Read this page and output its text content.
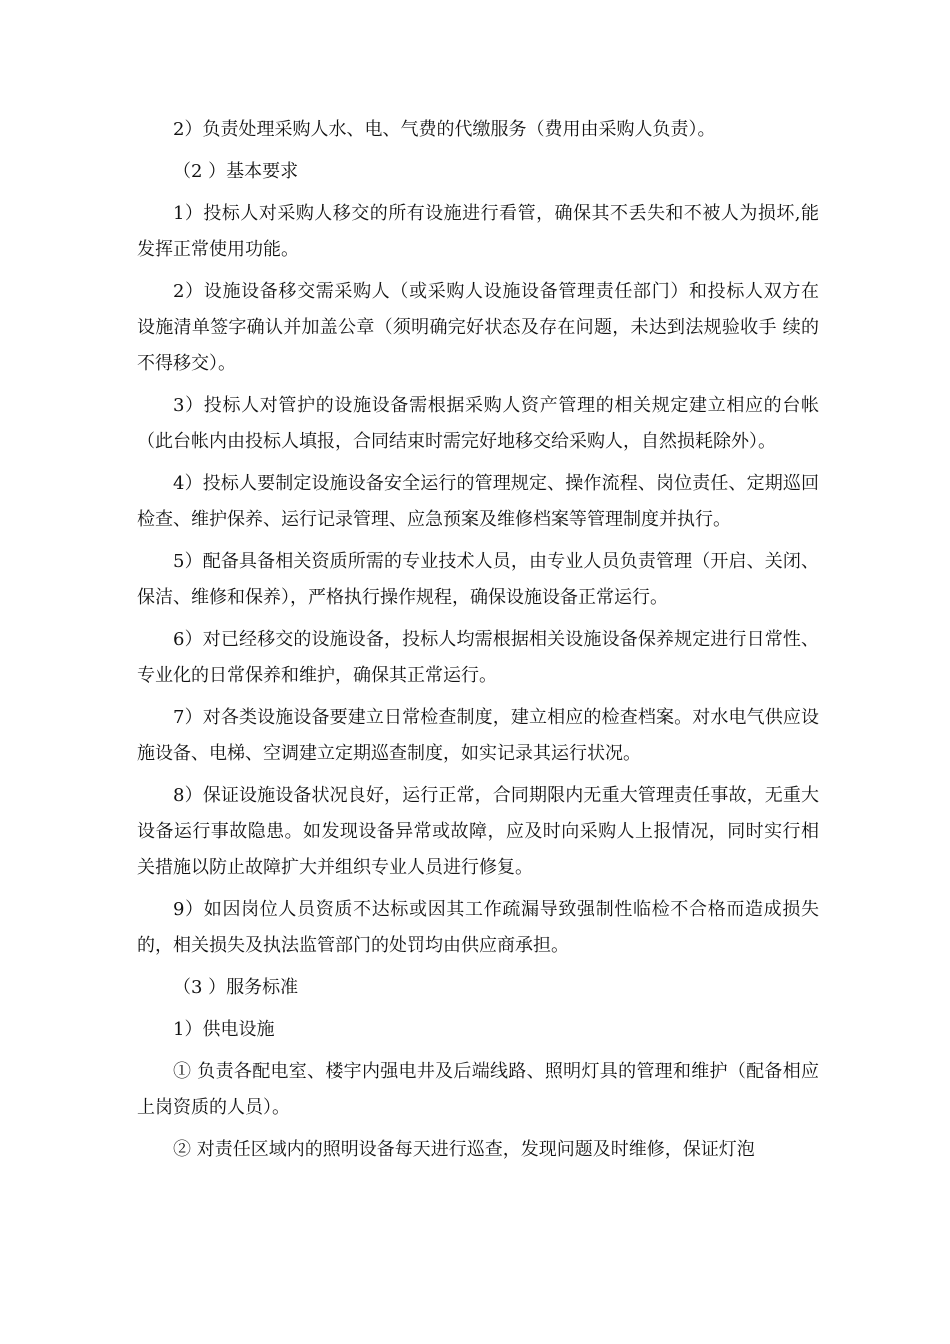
2）负责处理采购人水、电、气费的代缴服务（费用由采购人负责）。

（2 ）基本要求

1）投标人对采购人移交的所有设施进行看管，确保其不丢失和不被人为损坏,能发挥正常使用功能。

2）设施设备移交需采购人（或采购人设施设备管理责任部门）和投标人双方在 设施清单签字确认并加盖公章（须明确完好状态及存在问题，未达到法规验收手 续的不得移交）。

3）投标人对管护的设施设备需根据采购人资产管理的相关规定建立相应的台帐（此台帐内由投标人填报，合同结束时需完好地移交给采购人，自然损耗除外）。

4）投标人要制定设施设备安全运行的管理规定、操作流程、岗位责任、定期巡回检查、维护保养、运行记录管理、应急预案及维修档案等管理制度并执行。

5）配备具备相关资质所需的专业技术人员，由专业人员负责管理（开启、关闭、保洁、维修和保养），严格执行操作规程，确保设施设备正常运行。

6）对已经移交的设施设备，投标人均需根据相关设施设备保养规定进行日常性、专业化的日常保养和维护，确保其正常运行。

7）对各类设施设备要建立日常检查制度，建立相应的检查档案。对水电气供应设施设备、电梯、空调建立定期巡查制度，如实记录其运行状况。

8）保证设施设备状况良好，运行正常，合同期限内无重大管理责任事故，无重大设备运行事故隐患。如发现设备异常或故障，应及时向采购人上报情况，同时实行相关措施以防止故障扩大并组织专业人员进行修复。

9）如因岗位人员资质不达标或因其工作疏漏导致强制性临检不合格而造成损失的，相关损失及执法监管部门的处罚均由供应商承担。

（3 ）服务标准

1）供电设施

① 负责各配电室、楼宇内强电井及后端线路、照明灯具的管理和维护（配备相应上岗资质的人员）。

② 对责任区域内的照明设备每天进行巡查，发现问题及时维修，保证灯泡
